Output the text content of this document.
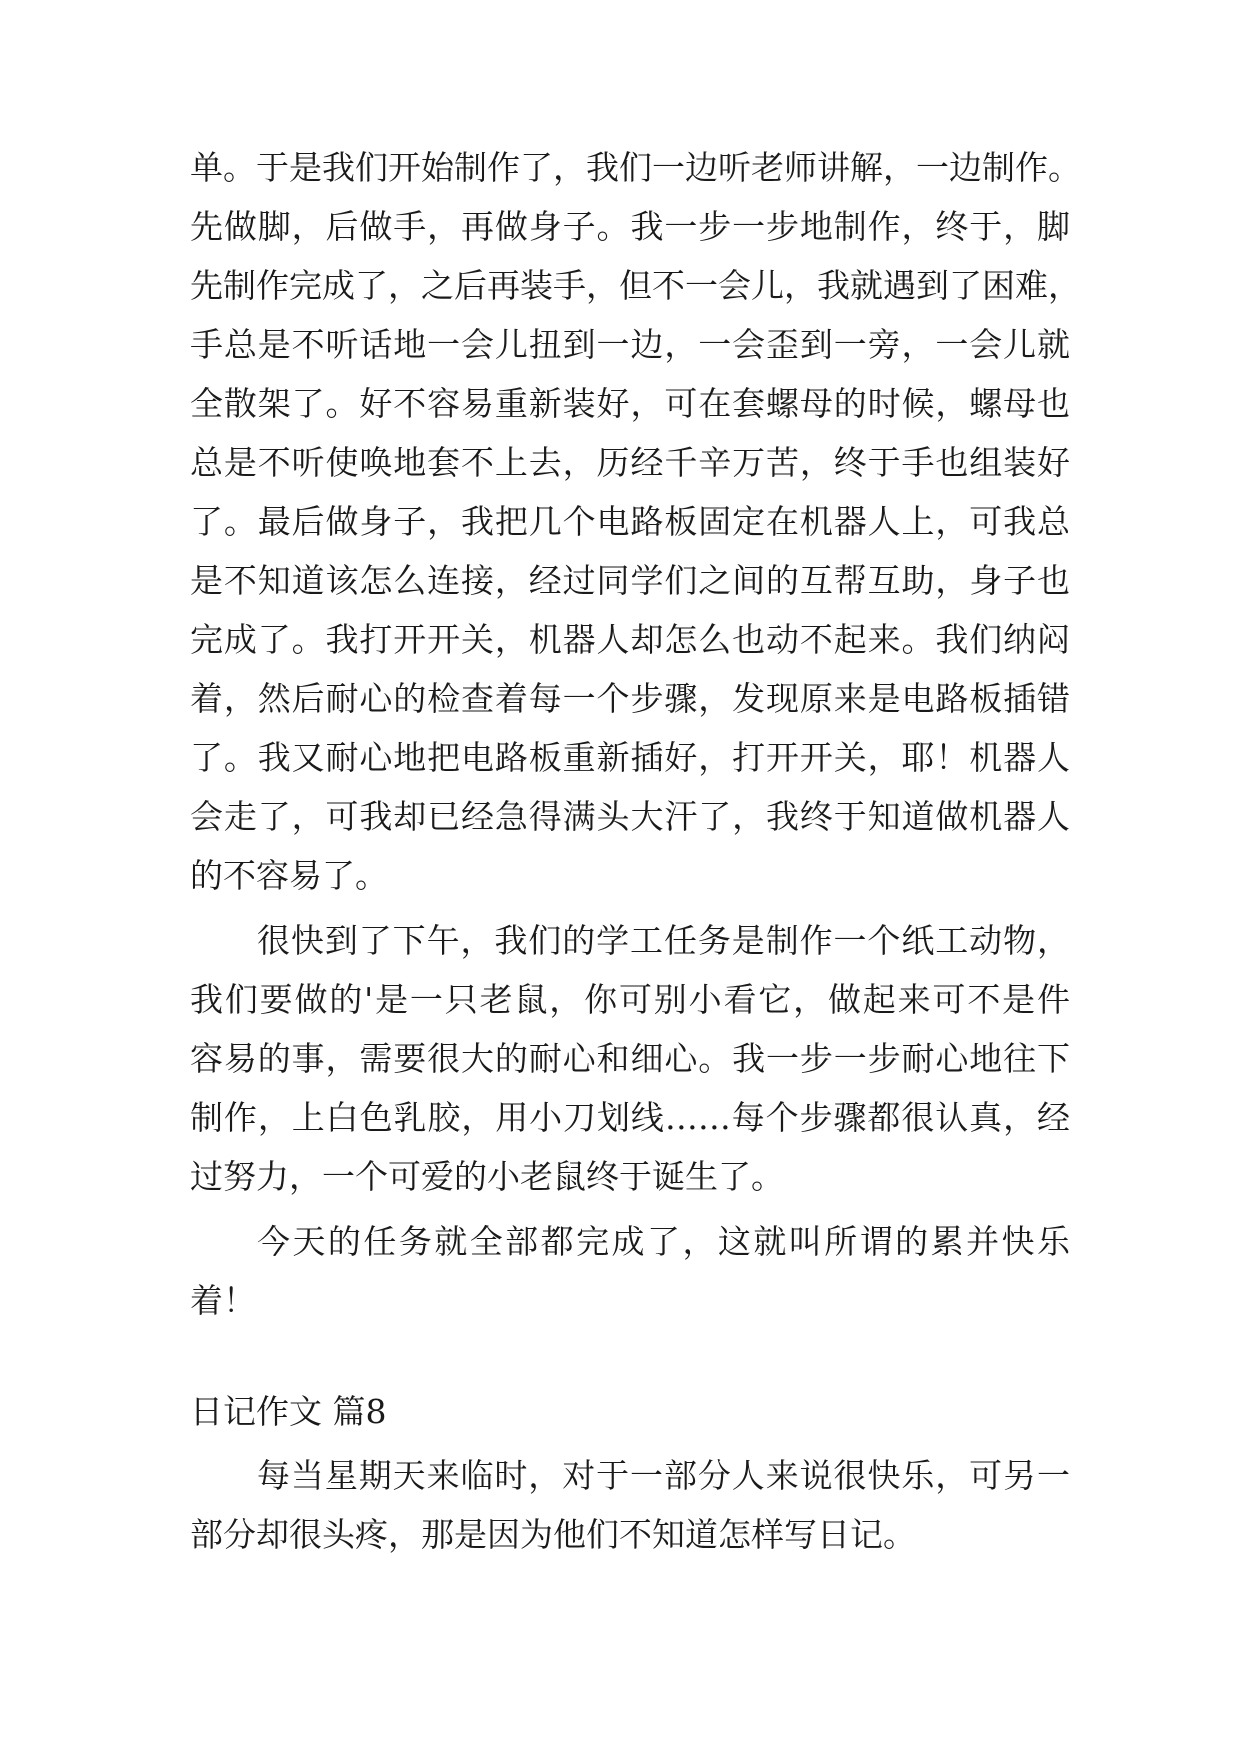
单。于是我们开始制作了，我们一边听老师讲解，一边制作。
先做脚，后做手，再做身子。我一步一步地制作，终于，脚
先制作完成了，之后再装手，但不一会儿，我就遇到了困难，
手总是不听话地一会儿扭到一边，一会歪到一旁，一会儿就
全散架了。好不容易重新装好，可在套螺母的时候，螺母也
总是不听使唤地套不上去，历经千辛万苦，终于手也组装好
了。最后做身子，我把几个电路板固定在机器人上，可我总
是不知道该怎么连接，经过同学们之间的互帮互助，身子也
完成了。我打开开关，机器人却怎么也动不起来。我们纳闷
着，然后耐心的检查着每一个步骤，发现原来是电路板插错
了。我又耐心地把电路板重新插好，打开开关，耶！机器人
会走了，可我却已经急得满头大汗了，我终于知道做机器人
的不容易了。
很快到了下午，我们的学工任务是制作一个纸工动物，
我们要做的'是一只老鼠，你可别小看它，做起来可不是件
容易的事，需要很大的耐心和细心。我一步一步耐心地往下
制作，上白色乳胶，用小刀划线……每个步骤都很认真，经
过努力，一个可爱的小老鼠终于诞生了。
今天的任务就全部都完成了，这就叫所谓的累并快乐
着！
日记作文 篇8
每当星期天来临时，对于一部分人来说很快乐，可另一
部分却很头疼，那是因为他们不知道怎样写日记。
